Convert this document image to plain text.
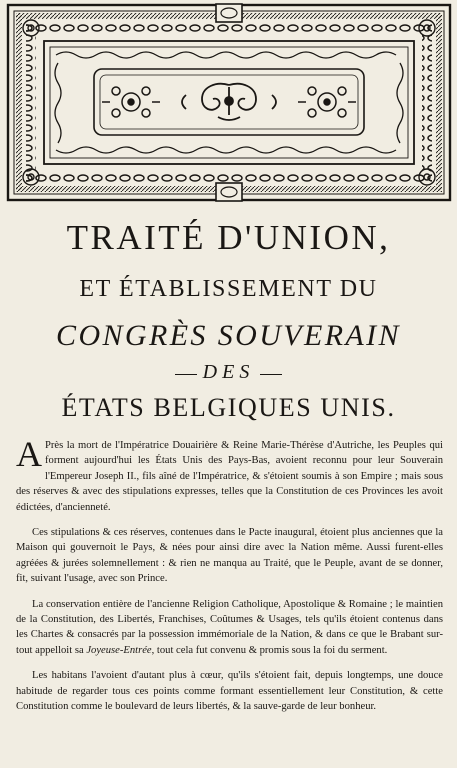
TRAITÉ D'UNION,
ET ÉTABLISSEMENT DU
CONGRÈS SOUVERAIN
DES
ÉTATS BELGIQUES UNIS.

A Près la mort de l'Impératrice Douairière & Reine Marie-Thérèse d'Autriche, les Peuples qui forment aujourd'hui les États Unis des Pays-Bas, avoient reconnu pour leur Souverain l'Empereur Joseph II., fils aîné de l'Impératrice, & s'étoient soumis à son Empire ; mais sous des réserves & avec des stipulations expresses, telles que la Constitution de ces Provinces les avoit édictées, d'ancienneté.

Ces stipulations & ces réserves, contenues dans le Pacte inaugural, étoient plus anciennes que la Maison qui gouvernoit le Pays, & nées pour ainsi dire avec la Nation même. Aussi furent-elles agréées & jurées solemnellement : & rien ne manqua au Traité, que le Peuple, avant de se donner, fit, suivant l'usage, avec son Prince.

La conservation entière de l'ancienne Religion Catholique, Apostolique & Romaine ; le maintien de la Constitution, des Libertés, Franchises, Coûtumes & Usages, tels qu'ils étoient contenus dans les Chartes & consacrés par la possession immémoriale de la Nation, & dans ce que le Brabant sur-tout appelloit sa Joyeuse-Entrée, tout cela fut convenu & promis sous la foi du serment.

Les habitans l'avoient d'autant plus à cœur, qu'ils s'étoient fait, depuis longtemps, une douce habitude de regarder tous ces points comme formant essentiellement leur Constitution, & cette Constitution comme le boulevard de leurs libertés, & la sauve-garde de leur bonheur.
